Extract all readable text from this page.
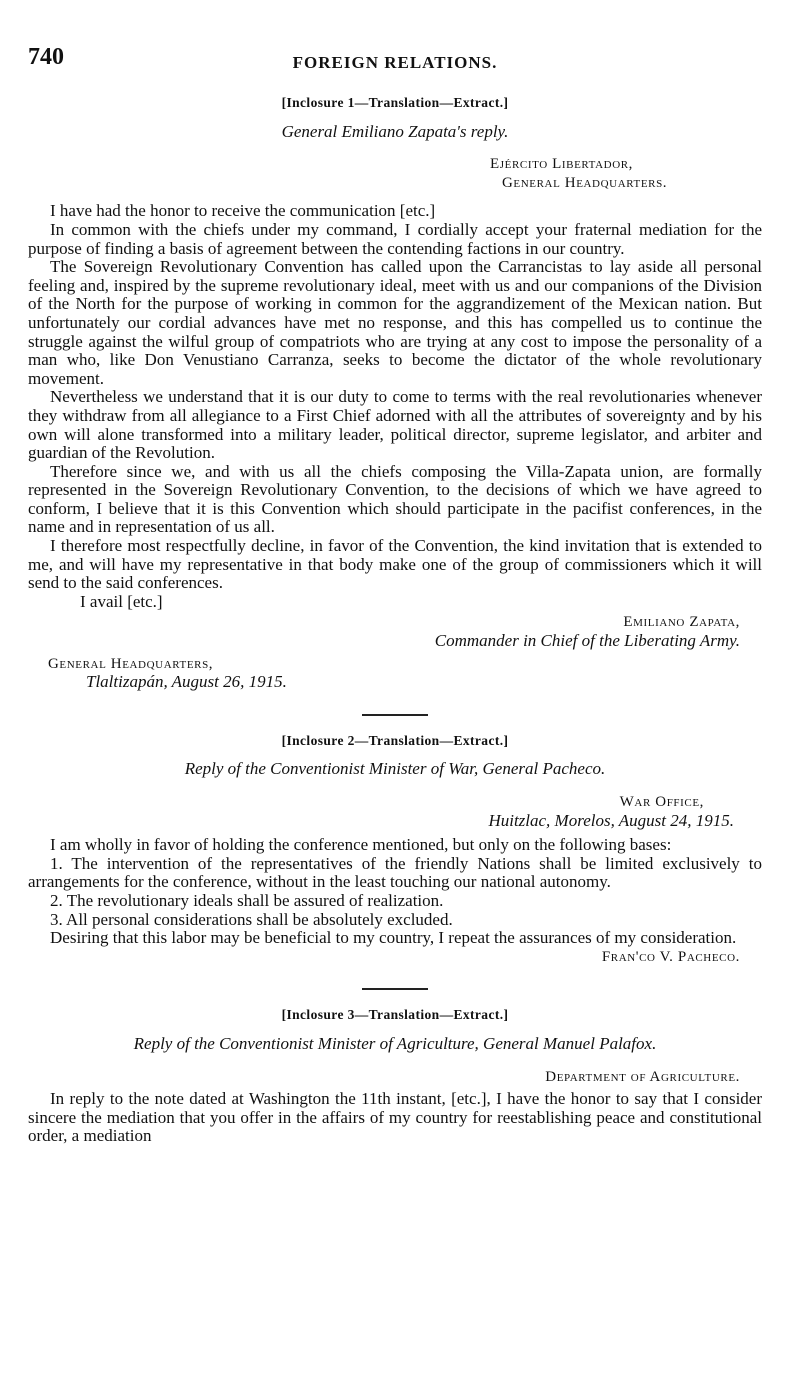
740	FOREIGN RELATIONS.
[Inclosure 1—Translation—Extract.]
General Emiliano Zapata's reply.
Ejército Libertador,
General Headquarters.

I have had the honor to receive the communication [etc.]

In common with the chiefs under my command, I cordially accept your fraternal mediation for the purpose of finding a basis of agreement between the contending factions in our country.

The Sovereign Revolutionary Convention has called upon the Carrancistas to lay aside all personal feeling and, inspired by the supreme revolutionary ideal, meet with us and our companions of the Division of the North for the purpose of working in common for the aggrandizement of the Mexican nation. But unfortunately our cordial advances have met no response, and this has compelled us to continue the struggle against the wilful group of compatriots who are trying at any cost to impose the personality of a man who, like Don Venustiano Carranza, seeks to become the dictator of the whole revolutionary movement.

Nevertheless we understand that it is our duty to come to terms with the real revolutionaries whenever they withdraw from all allegiance to a First Chief adorned with all the attributes of sovereignty and by his own will alone transformed into a military leader, political director, supreme legislator, and arbiter and guardian of the Revolution.

Therefore since we, and with us all the chiefs composing the Villa-Zapata union, are formally represented in the Sovereign Revolutionary Convention, to the decisions of which we have agreed to conform, I believe that it is this Convention which should participate in the pacifist conferences, in the name and in representation of us all.

I therefore most respectfully decline, in favor of the Convention, the kind invitation that is extended to me, and will have my representative in that body make one of the group of commissioners which it will send to the said conferences.

I avail [etc.]

Emiliano Zapata,
Commander in Chief of the Liberating Army.
General Headquarters,
Tlaltizapán, August 26, 1915.
[Inclosure 2—Translation—Extract.]
Reply of the Conventionist Minister of War, General Pacheco.
War Office,
Huitzlac, Morelos, August 24, 1915.

I am wholly in favor of holding the conference mentioned, but only on the following bases:

1. The intervention of the representatives of the friendly Nations shall be limited exclusively to arrangements for the conference, without in the least touching our national autonomy.

2. The revolutionary ideals shall be assured of realization.

3. All personal considerations shall be absolutely excluded.

Desiring that this labor may be beneficial to my country, I repeat the assurances of my consideration.

Fran'co V. Pacheco.
[Inclosure 3—Translation—Extract.]
Reply of the Conventionist Minister of Agriculture, General Manuel Palafox.
Department of Agriculture.

In reply to the note dated at Washington the 11th instant, [etc.], I have the honor to say that I consider sincere the mediation that you offer in the affairs of my country for reestablishing peace and constitutional order, a mediation
